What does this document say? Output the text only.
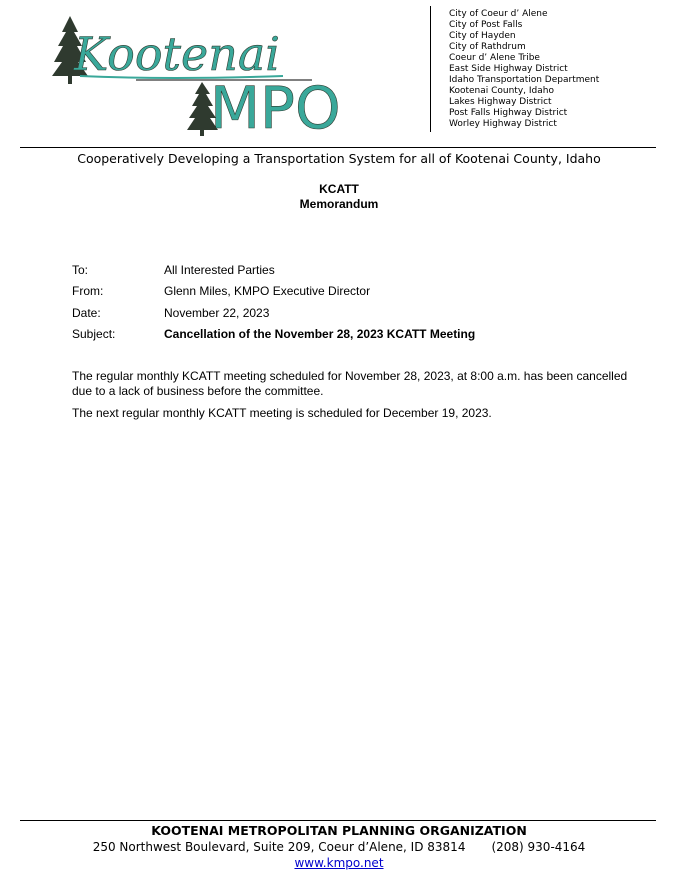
Kootenai
MPO
City of Coeur d’ Alene
City of Post Falls
City of Hayden
City of Rathdrum
Coeur d’ Alene Tribe
East Side Highway District
Idaho Transportation Department
Kootenai County, Idaho
Lakes Highway District
Post Falls Highway District
Worley Highway District
Cooperatively Developing a Transportation System for all of Kootenai County, Idaho
KCATT
Memorandum
To:	All Interested Parties
From:	Glenn Miles, KMPO Executive Director
Date:	November 22, 2023
Subject:	Cancellation of the November 28, 2023 KCATT Meeting

The regular monthly KCATT meeting scheduled for November 28, 2023, at 8:00 a.m. has been cancelled due to a lack of business before the committee.

The next regular monthly KCATT meeting is scheduled for December 19, 2023.

KOOTENAI METROPOLITAN PLANNING ORGANIZATION
250 Northwest Boulevard, Suite 209, Coeur d’Alene, ID 83814 (208) 930-4164
www.kmpo.net
